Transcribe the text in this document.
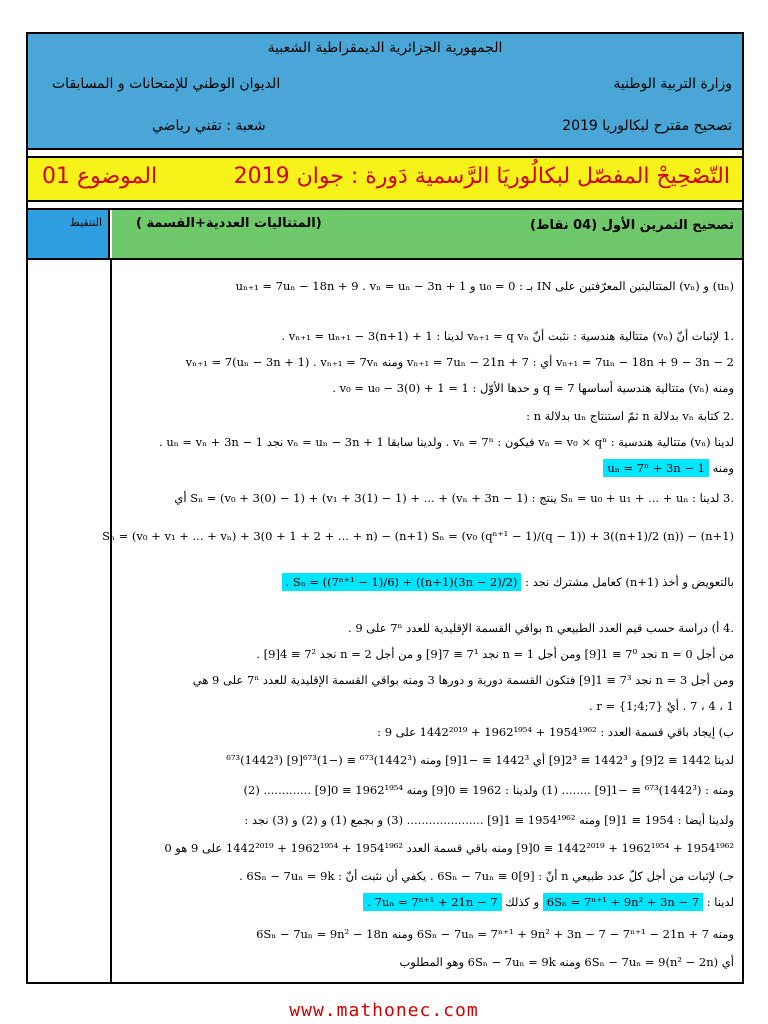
الجمهورية الجزائرية الديمقراطية الشعبية
وزارة التربية الوطنية
الديوان الوطني للإمتحانات و المسابقات
تصحيح مقترح لبكالوريا 2019
شعبة : تقني رياضي
التّصْحِيحْ المفصّل لبكالُوريَا الرَّسمية دَورة : جوان 2019
الموضوع 01
التنقيط	تصحيح التمرين الأول (04 نقاط)
(المتتاليات العددية+القسمة )
(uₙ) و (vₙ) المتتاليتين المعرّفتين على IN بـ : u₀ = 0 و uₙ₊₁ = 7uₙ − 18n + 9 . vₙ = uₙ − 3n + 1
.1 لإثبات أنّ (vₙ) متتالية هندسية : نثبت أنّ vₙ₊₁ = q vₙ لدينا : vₙ₊₁ = uₙ₊₁ − 3(n+1) + 1 .
vₙ₊₁ = 7uₙ − 18n + 9 − 3n − 2 أي : vₙ₊₁ = 7uₙ − 21n + 7 ومنه vₙ₊₁ = 7(uₙ − 3n + 1) . vₙ₊₁ = 7vₙ
ومنه (vₙ) متتالية هندسية أساسها q = 7 و حدها الأوّل : v₀ = u₀ − 3(0) + 1 = 1 .
.2 كتابة vₙ بدلالة n ثمّ استنتاج uₙ بدلالة n :
لدينا (vₙ) متتالية هندسية : vₙ = v₀ × qⁿ فيكون : vₙ = 7ⁿ . ولدينا سابقا vₙ = uₙ − 3n + 1 نجد uₙ = vₙ + 3n − 1 .
ومنه uₙ = 7ⁿ + 3n − 1
.3 لدينا : Sₙ = u₀ + u₁ + ... + uₙ ينتج : Sₙ = (v₀ + 3(0) − 1) + (v₁ + 3(1) − 1) + ... + (vₙ + 3n − 1) أي
Sₙ = (v₀ + v₁ + ... + vₙ) + 3(0 + 1 + 2 + ... + n) − (n+1) Sₙ = (v₀ (qⁿ⁺¹ − 1)/(q − 1)) + 3((n+1)/2 (n)) − (n+1)
بالتعويض و أخذ (n+1) كعامل مشترك نجد : Sₙ = ((7ⁿ⁺¹ − 1)/6) + ((n+1)(3n − 2)/2) .
.4 أ) دراسة حسب قيم العدد الطبيعي n بواقي القسمة الإقليدية للعدد 7ⁿ على 9 .
من أجل n = 0 نجد 7⁰ ≡ 1[9] ومن أجل n = 1 نجد 7¹ ≡ 7[9] و من أجل n = 2 نجد 7² ≡ 4[9] .
ومن أجل n = 3 نجد 7³ ≡ 1[9] فتكون القسمة دورية و دورها 3 ومنه بواقي القسمة الإقليدية للعدد 7ⁿ على 9 هي
1 ، 4 ، 7 . أيْ r = {1;4;7} .
ب) إيجاد باقي قسمة العدد : 1954¹⁹⁶² + 1962¹⁹⁵⁴ + 1442²⁰¹⁹ على 9 :
لدينا 1442 ≡ 2[9] و 1442³ ≡ 2³[9] أي 1442³ ≡ −1[9] ومنه (1442³)⁶⁷³ ≡ (−1)⁶⁷³[9] (1442³)⁶⁷³
ومنه : (1442³)⁶⁷³ ≡ −1[9] ........ (1) ولدينا : 1962 ≡ 0[9] ومنه 1962¹⁹⁵⁴ ≡ 0[9] ............. (2)
ولدينا أيضا : 1954 ≡ 1[9] ومنه 1954¹⁹⁶² ≡ 1[9] ..................... (3) و بجمع (1) و (2) و (3) نجد :
1954¹⁹⁶² + 1962¹⁹⁵⁴ + 1442²⁰¹⁹ ≡ 0[9] ومنه باقي قسمة العدد 1954¹⁹⁶² + 1962¹⁹⁵⁴ + 1442²⁰¹⁹ على 9 هو 0
جـ) لإثبات من أجل كلّ عدد طبيعي n أنّ : 6Sₙ − 7uₙ ≡ 0[9] . يكفي أن نثبت أنّ : 6Sₙ − 7uₙ = 9k .
لدينا : 6Sₙ = 7ⁿ⁺¹ + 9n² + 3n − 7 و كذلك 7uₙ = 7ⁿ⁺¹ + 21n − 7 .
ومنه 6Sₙ − 7uₙ = 7ⁿ⁺¹ + 9n² + 3n − 7 − 7ⁿ⁺¹ − 21n + 7 ومنه 6Sₙ − 7uₙ = 9n² − 18n
أي 6Sₙ − 7uₙ = 9(n² − 2n) ومنه 6Sₙ − 7uₙ = 9k وهو المطلوب
www.mathonec.com
